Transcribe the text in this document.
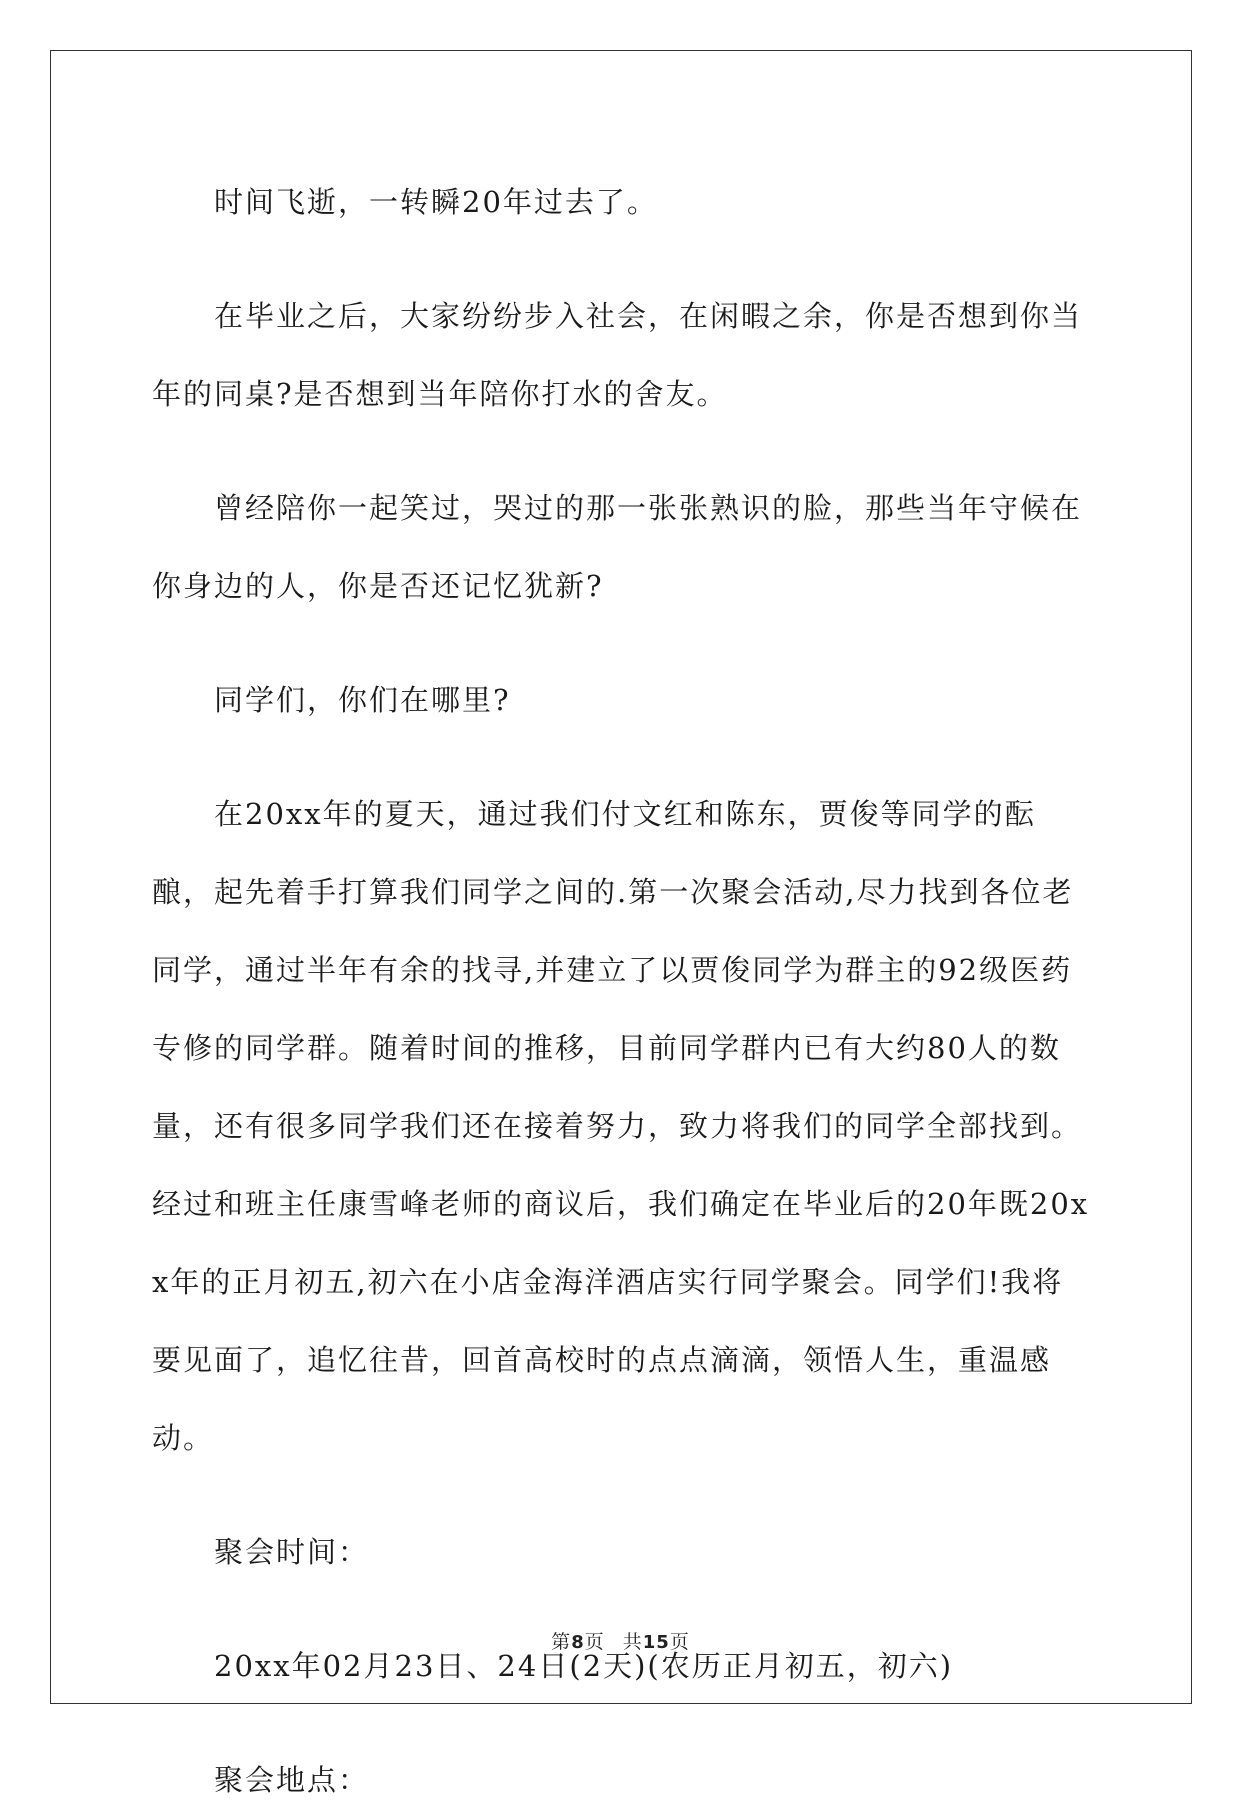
时间飞逝，一转瞬20年过去了。

在毕业之后，大家纷纷步入社会，在闲暇之余，你是否想到你当年的同桌?是否想到当年陪你打水的舍友。

曾经陪你一起笑过，哭过的那一张张熟识的脸，那些当年守候在你身边的人，你是否还记忆犹新?

同学们，你们在哪里?

在20xx年的夏天，通过我们付文红和陈东，贾俊等同学的酝酿，起先着手打算我们同学之间的.第一次聚会活动,尽力找到各位老同学，通过半年有余的找寻,并建立了以贾俊同学为群主的92级医药专修的同学群。随着时间的推移，目前同学群内已有大约80人的数量，还有很多同学我们还在接着努力，致力将我们的同学全部找到。经过和班主任康雪峰老师的商议后，我们确定在毕业后的20年既20xx年的正月初五,初六在小店金海洋酒店实行同学聚会。同学们!我将要见面了，追忆往昔，回首高校时的点点滴滴，领悟人生，重温感动。

聚会时间：

20xx年02月23日、24日(2天)(农历正月初五，初六)

聚会地点：

第8页 共15页
